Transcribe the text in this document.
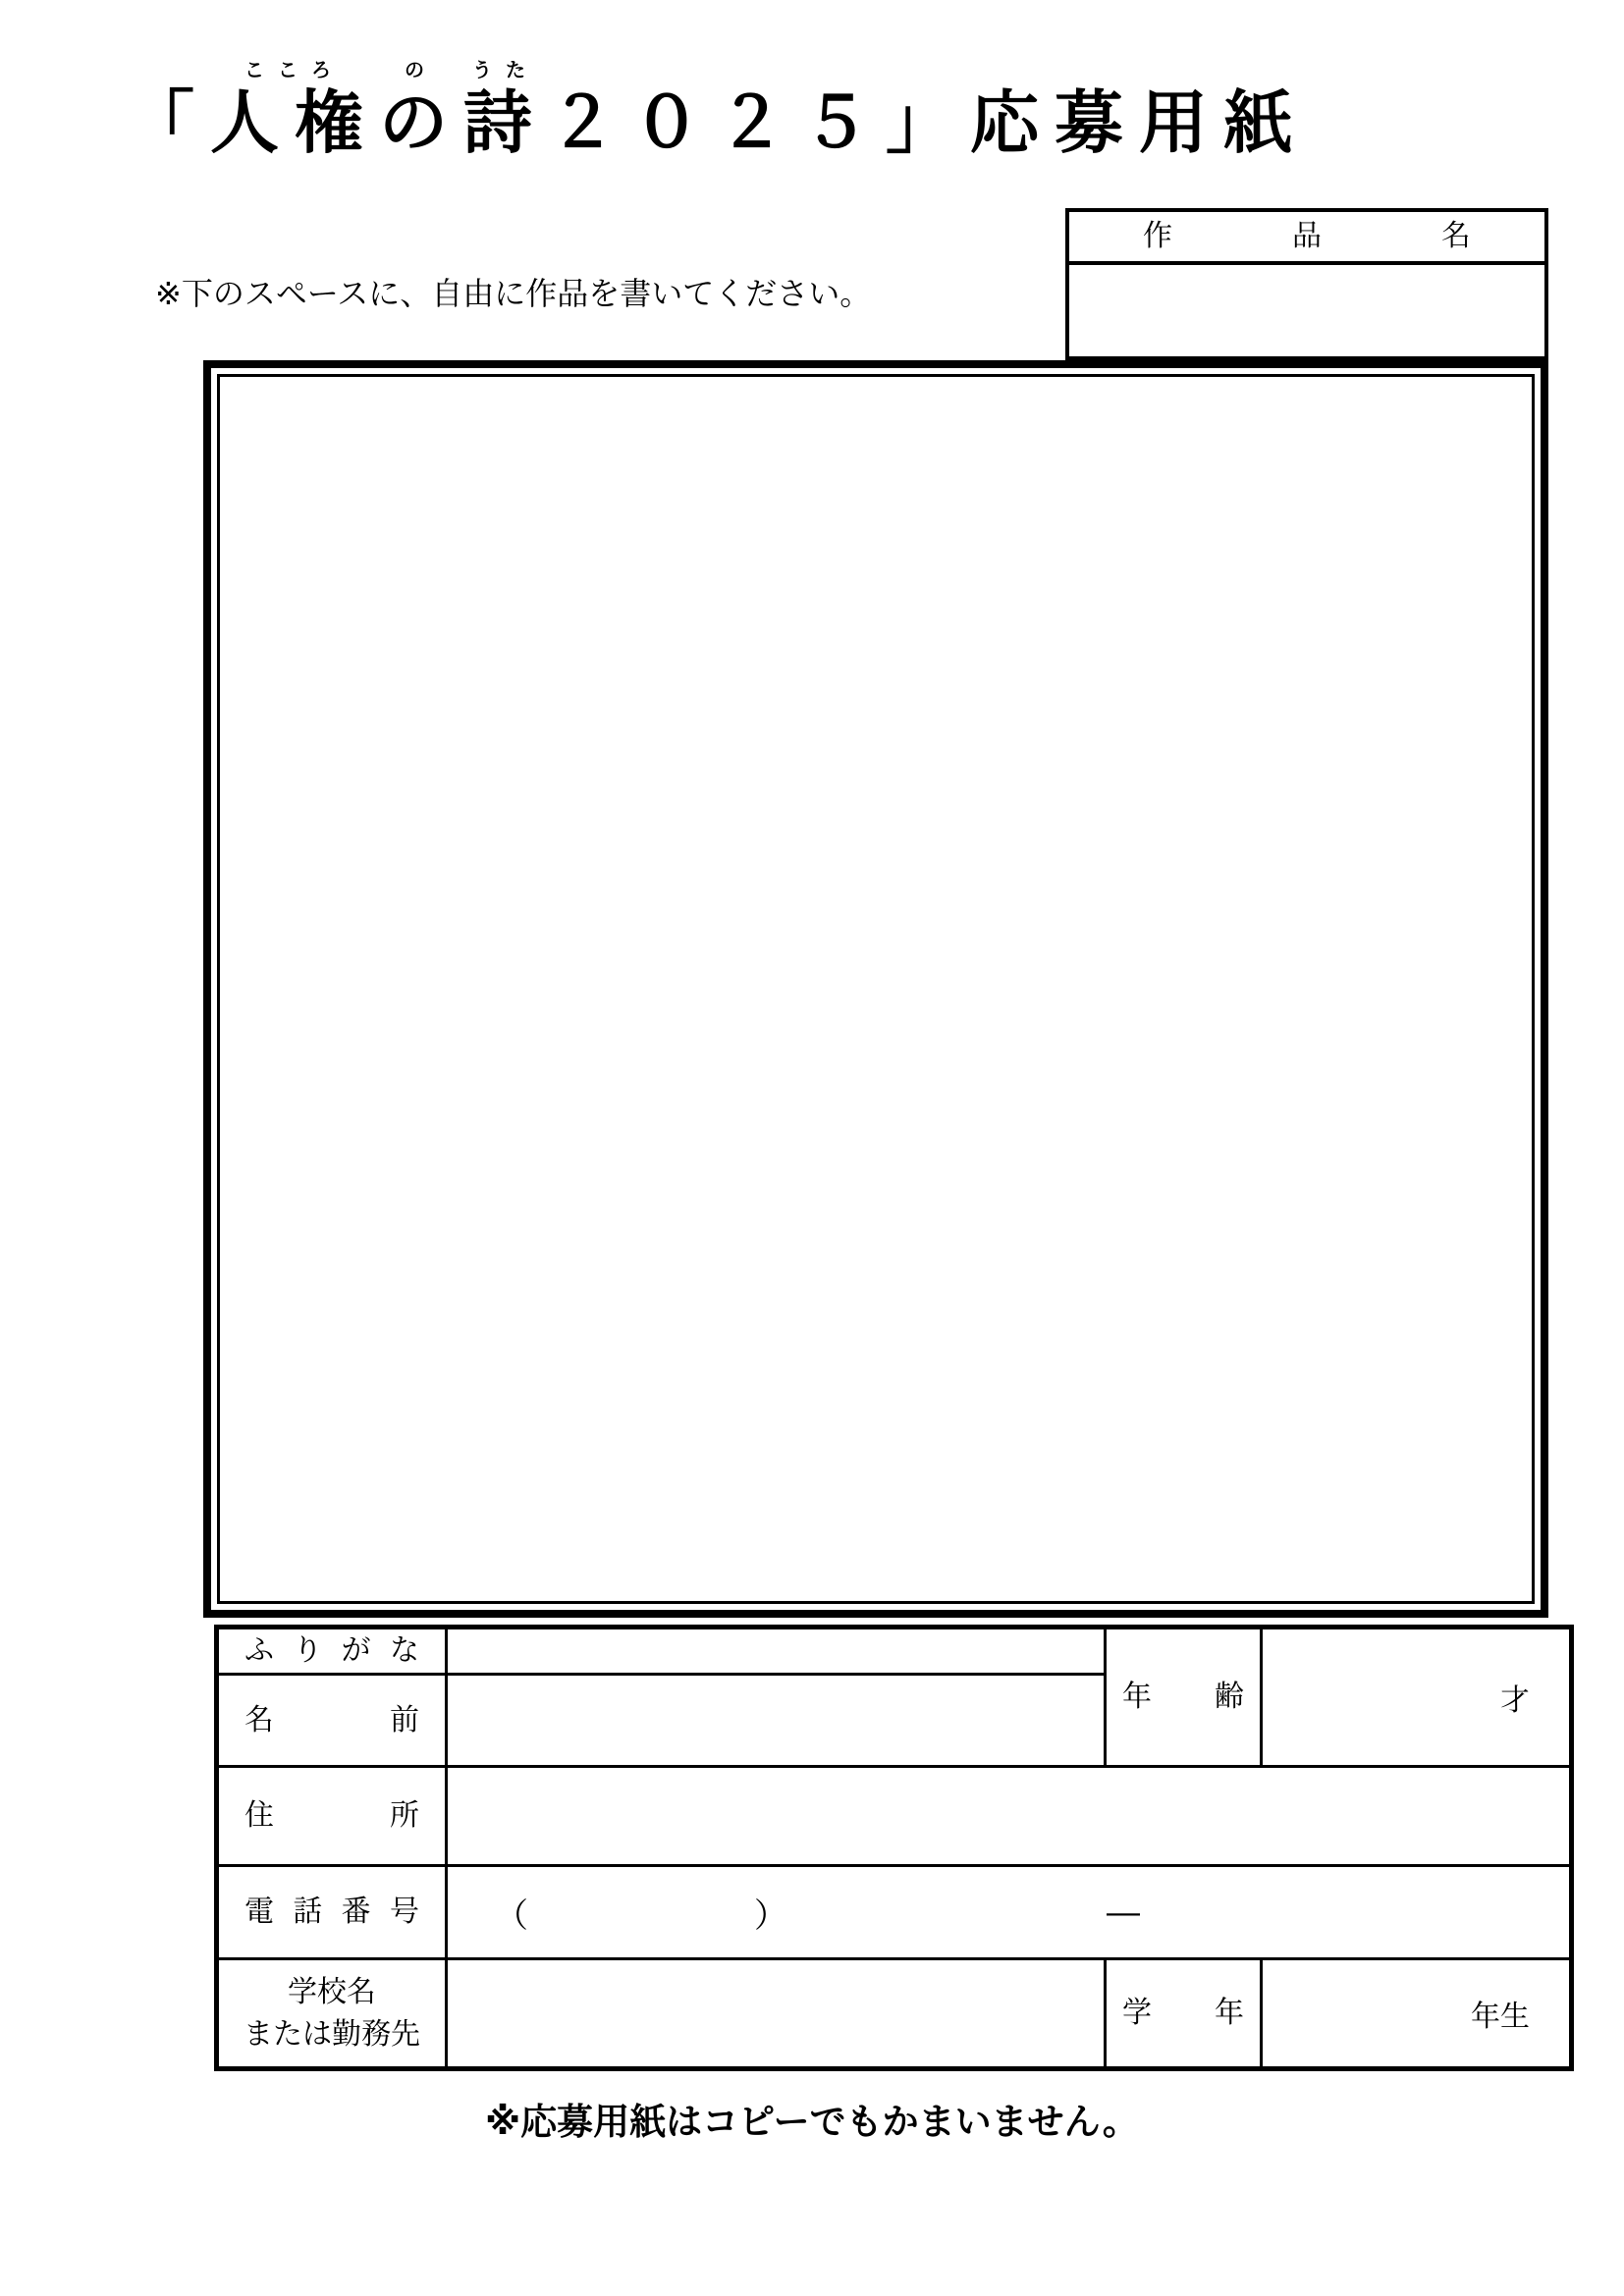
「
こころ
人権
の
の
うた
詩 ２０２５」応募用紙
作品名
※下のスペースに、自由に作品を書いてください。
ふりがな		年齢	才

名前			

住所			

電話番号	（ ） —		

学校名
または勤務先		学年	年生
※応募用紙はコピーでもかまいません。
